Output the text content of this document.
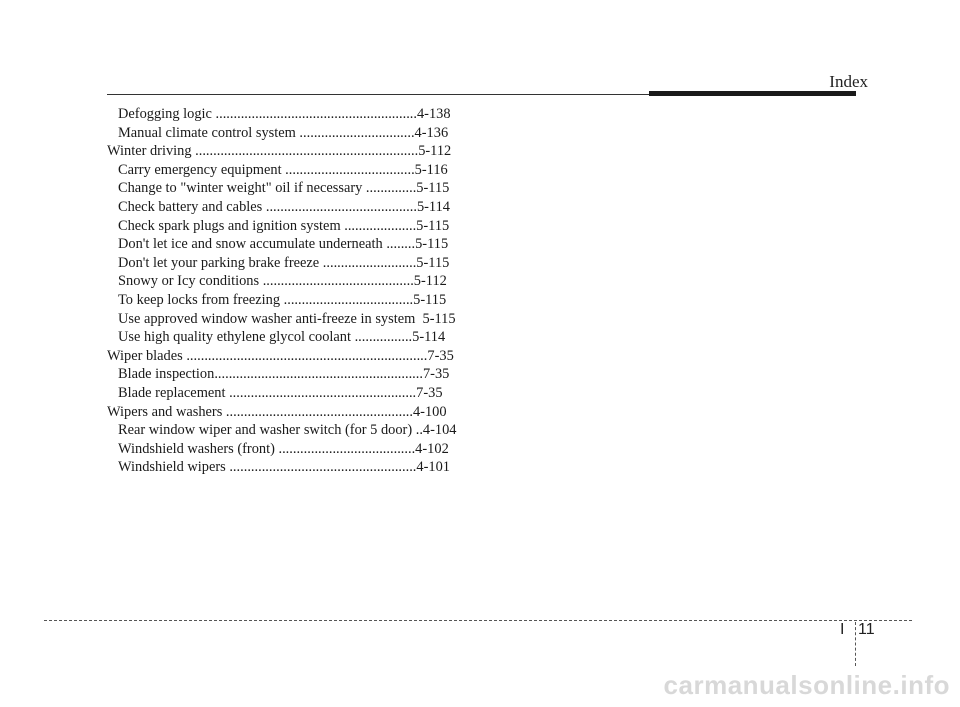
Index
Defogging logic ........................................................4-138
Manual climate control system ................................4-136
Winter driving ..............................................................5-112
Carry emergency equipment ....................................5-116
Change to "winter weight" oil if necessary ..............5-115
Check battery and cables ..........................................5-114
Check spark plugs and ignition system ....................5-115
Don't let ice and snow accumulate underneath ........5-115
Don't let your parking brake freeze ..........................5-115
Snowy or Icy conditions ..........................................5-112
To keep locks from freezing ....................................5-115
Use approved window washer anti-freeze in system  5-115
Use high quality ethylene glycol coolant ................5-114
Wiper blades ...................................................................7-35
Blade inspection..........................................................7-35
Blade replacement ....................................................7-35
Wipers and washers ....................................................4-100
Rear window wiper and washer switch (for 5 door) ..4-104
Windshield washers (front) ......................................4-102
Windshield wipers ....................................................4-101
I 11
carmanualsonline.info
